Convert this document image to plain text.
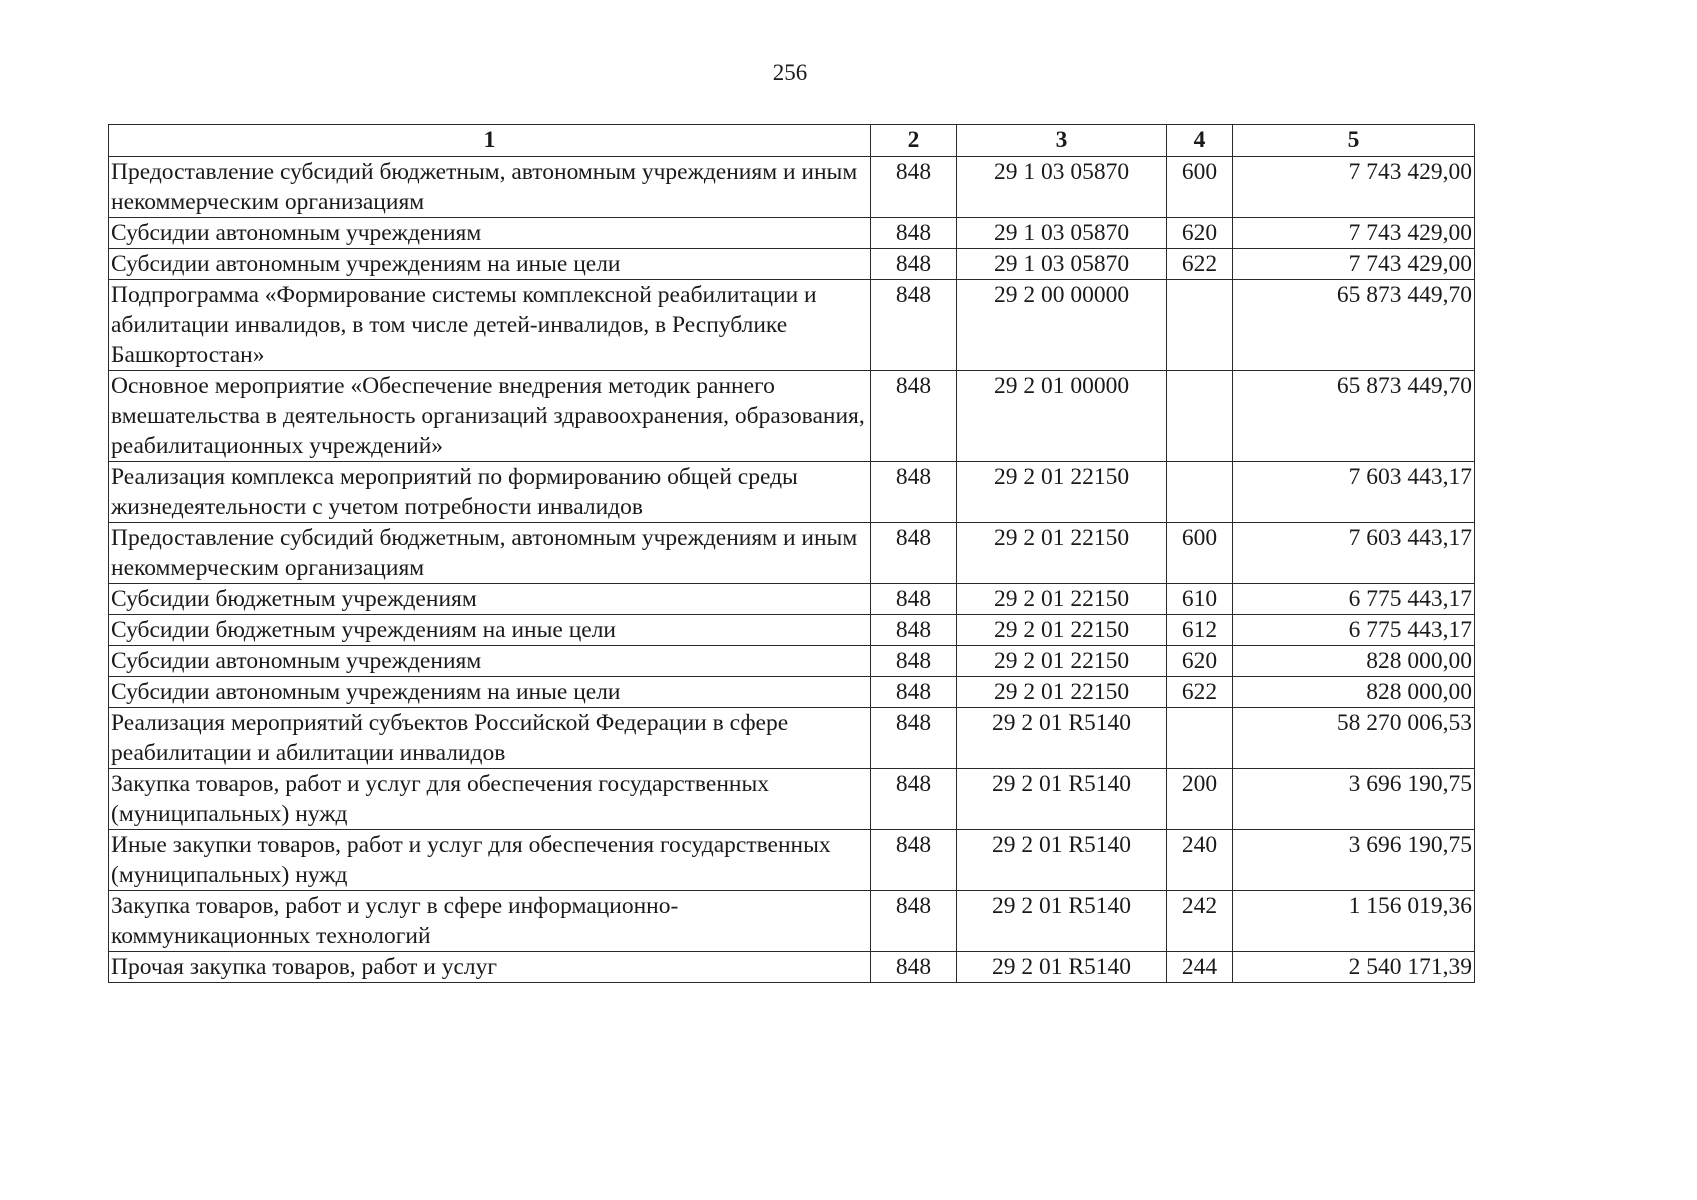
256
1	2	3	4	5
Предоставление субсидий бюджетным, автономным учреждениям и иным некоммерческим организациям	848	29 1 03 05870	600	7 743 429,00
Субсидии автономным учреждениям	848	29 1 03 05870	620	7 743 429,00
Субсидии автономным учреждениям на иные цели	848	29 1 03 05870	622	7 743 429,00
Подпрограмма «Формирование системы комплексной реабилитации и абилитации инвалидов, в том числе детей-инвалидов, в Республике Башкортостан»	848	29 2 00 00000		65 873 449,70
Основное мероприятие «Обеспечение внедрения методик раннего вмешательства в деятельность организаций здравоохранения, образования, реабилитационных учреждений»	848	29 2 01 00000		65 873 449,70
Реализация комплекса мероприятий по формированию общей среды жизнедеятельности с учетом потребности инвалидов	848	29 2 01 22150		7 603 443,17
Предоставление субсидий бюджетным, автономным учреждениям и иным некоммерческим организациям	848	29 2 01 22150	600	7 603 443,17
Субсидии бюджетным учреждениям	848	29 2 01 22150	610	6 775 443,17
Субсидии бюджетным учреждениям на иные цели	848	29 2 01 22150	612	6 775 443,17
Субсидии автономным учреждениям	848	29 2 01 22150	620	828 000,00
Субсидии автономным учреждениям на иные цели	848	29 2 01 22150	622	828 000,00
Реализация мероприятий субъектов Российской Федерации в сфере реабилитации и абилитации инвалидов	848	29 2 01 R5140		58 270 006,53
Закупка товаров, работ и услуг для обеспечения государственных (муниципальных) нужд	848	29 2 01 R5140	200	3 696 190,75
Иные закупки товаров, работ и услуг для обеспечения государственных (муниципальных) нужд	848	29 2 01 R5140	240	3 696 190,75
Закупка товаров, работ и услуг в сфере информационно-коммуникационных технологий	848	29 2 01 R5140	242	1 156 019,36
Прочая закупка товаров, работ и услуг	848	29 2 01 R5140	244	2 540 171,39
